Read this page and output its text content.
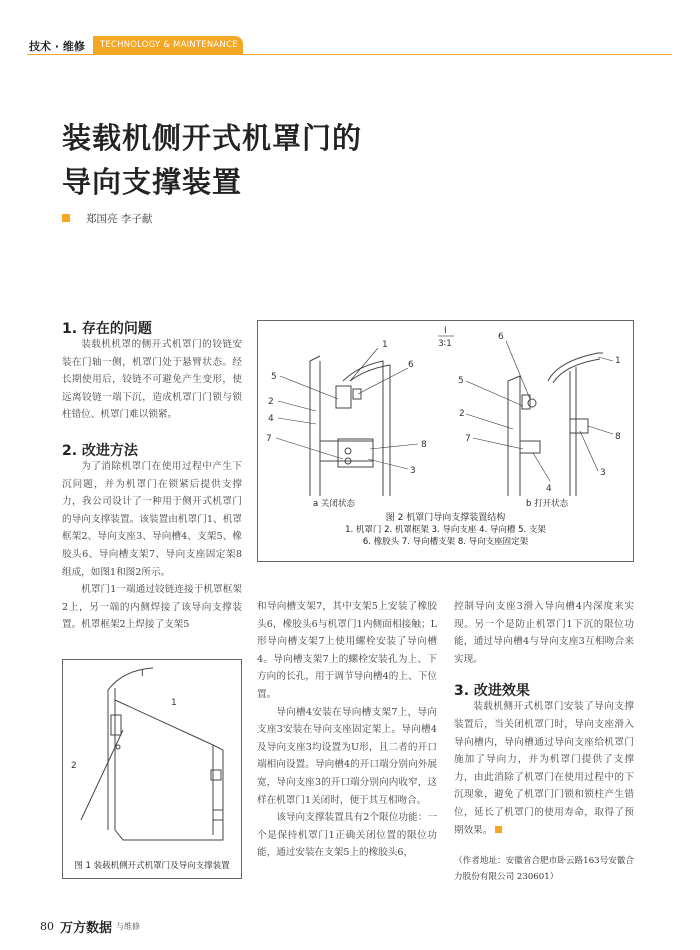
技术 · 维修 TECHNOLOGY & MAINTENANCE
装载机侧开式机罩门的
导向支撑装置
郑国亮 李子献
1. 存在的问题

装载机机罩的侧开式机罩门的铰链安装在门轴一侧，机罩门处于悬臂状态。经长期使用后，铰链不可避免产生变形，使远离铰链一端下沉，造成机罩门门锁与锁柱错位、机罩门难以锁紧。

2. 改进方法

为了消除机罩门在使用过程中产生下沉问题，并为机罩门在锁紧后提供支撑力，我公司设计了一种用于侧开式机罩门的导向支撑装置。该装置由机罩门1、机罩框架2、导向支座3、导向槽4、支架5、橡胶头6、导向槽支架7、导向支座固定架8组成，如图1和图2所示。

机罩门1一端通过铰链连接于机罩框架2上，另一端的内侧焊接了该导向支撑装置。机罩框架2上焊接了支架5

1
5
2
4
7
6
8
3
6
5
2
7
1
8
3
4
I
3∶1
a 关闭状态	b 打开状态
图 2 机罩门导向支撑装置结构
1. 机罩门 2. 机罩框架 3. 导向支座 4. 导向槽 5. 支架
6. 橡胶头 7. 导向槽支架 8. 导向支座固定架
I
1
2
图 1 装载机侧开式机罩门及导向支撑装置

和导向槽支架7，其中支架5上安装了橡胶头6，橡胶头6与机罩门1内侧面相接触；L形导向槽支架7上使用螺栓安装了导向槽4。导向槽支架7上的螺栓安装孔为上、下方向的长孔，用于调节导向槽4的上、下位置。

导向槽4安装在导向槽支架7上，导向支座3安装在导向支座固定架上。导向槽4及导向支座3均设置为U形，且二者的开口端相向设置。导向槽4的开口端分别向外展宽，导向支座3的开口端分别向内收窄，这样在机罩门1关闭时，便于其互相吻合。

该导向支撑装置具有2个限位功能：一个是保持机罩门1正确关闭位置的限位功能，通过安装在支架5上的橡胶头6，

控制导向支座3滑入导向槽4内深度来实现。另一个是防止机罩门1下沉的限位功能，通过导向槽4与导向支座3互相吻合来实现。

3. 改进效果

装载机侧开式机罩门安装了导向支撑装置后，当关闭机罩门时，导向支座滑入导向槽内，导向槽通过导向支座给机罩门施加了导向力，并为机罩门提供了支撑力，由此消除了机罩门在使用过程中的下沉现象，避免了机罩门门锁和锁柱产生错位，延长了机罩门的使用寿命，取得了预期效果。

（作者地址：安徽省合肥市卧云路163号安徽合力股份有限公司 230601）

80 万方数据 与维修
